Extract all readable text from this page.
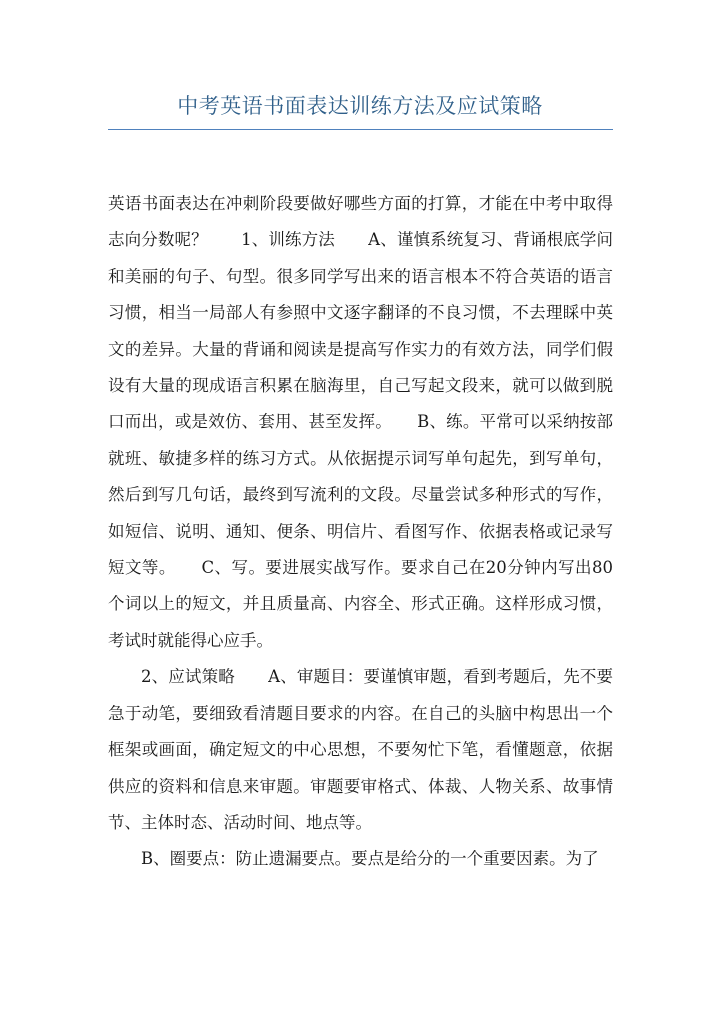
中考英语书面表达训练方法及应试策略

英语书面表达在冲刺阶段要做好哪些方面的打算，才能在中考中取得志向分数呢？　　1、训练方法　　A、谨慎系统复习、背诵根底学问和美丽的句子、句型。很多同学写出来的语言根本不符合英语的语言习惯，相当一局部人有参照中文逐字翻译的不良习惯，不去理睬中英文的差异。大量的背诵和阅读是提高写作实力的有效方法，同学们假设有大量的现成语言积累在脑海里，自己写起文段来，就可以做到脱口而出，或是效仿、套用、甚至发挥。　　B、练。平常可以采纳按部就班、敏捷多样的练习方式。从依据提示词写单句起先，到写单句，然后到写几句话，最终到写流利的文段。尽量尝试多种形式的写作，如短信、说明、通知、便条、明信片、看图写作、依据表格或记录写短文等。　　C、写。要进展实战写作。要求自己在20分钟内写出80个词以上的短文，并且质量高、内容全、形式正确。这样形成习惯，考试时就能得心应手。

2、应试策略　　A、审题目：要谨慎审题，看到考题后，先不要急于动笔，要细致看清题目要求的内容。在自己的头脑中构思出一个框架或画面，确定短文的中心思想，不要匆忙下笔，看懂题意，依据供应的资料和信息来审题。审题要审格式、体裁、人物关系、故事情节、主体时态、活动时间、地点等。

B、圈要点：防止遗漏要点。要点是给分的一个重要因素。为了
